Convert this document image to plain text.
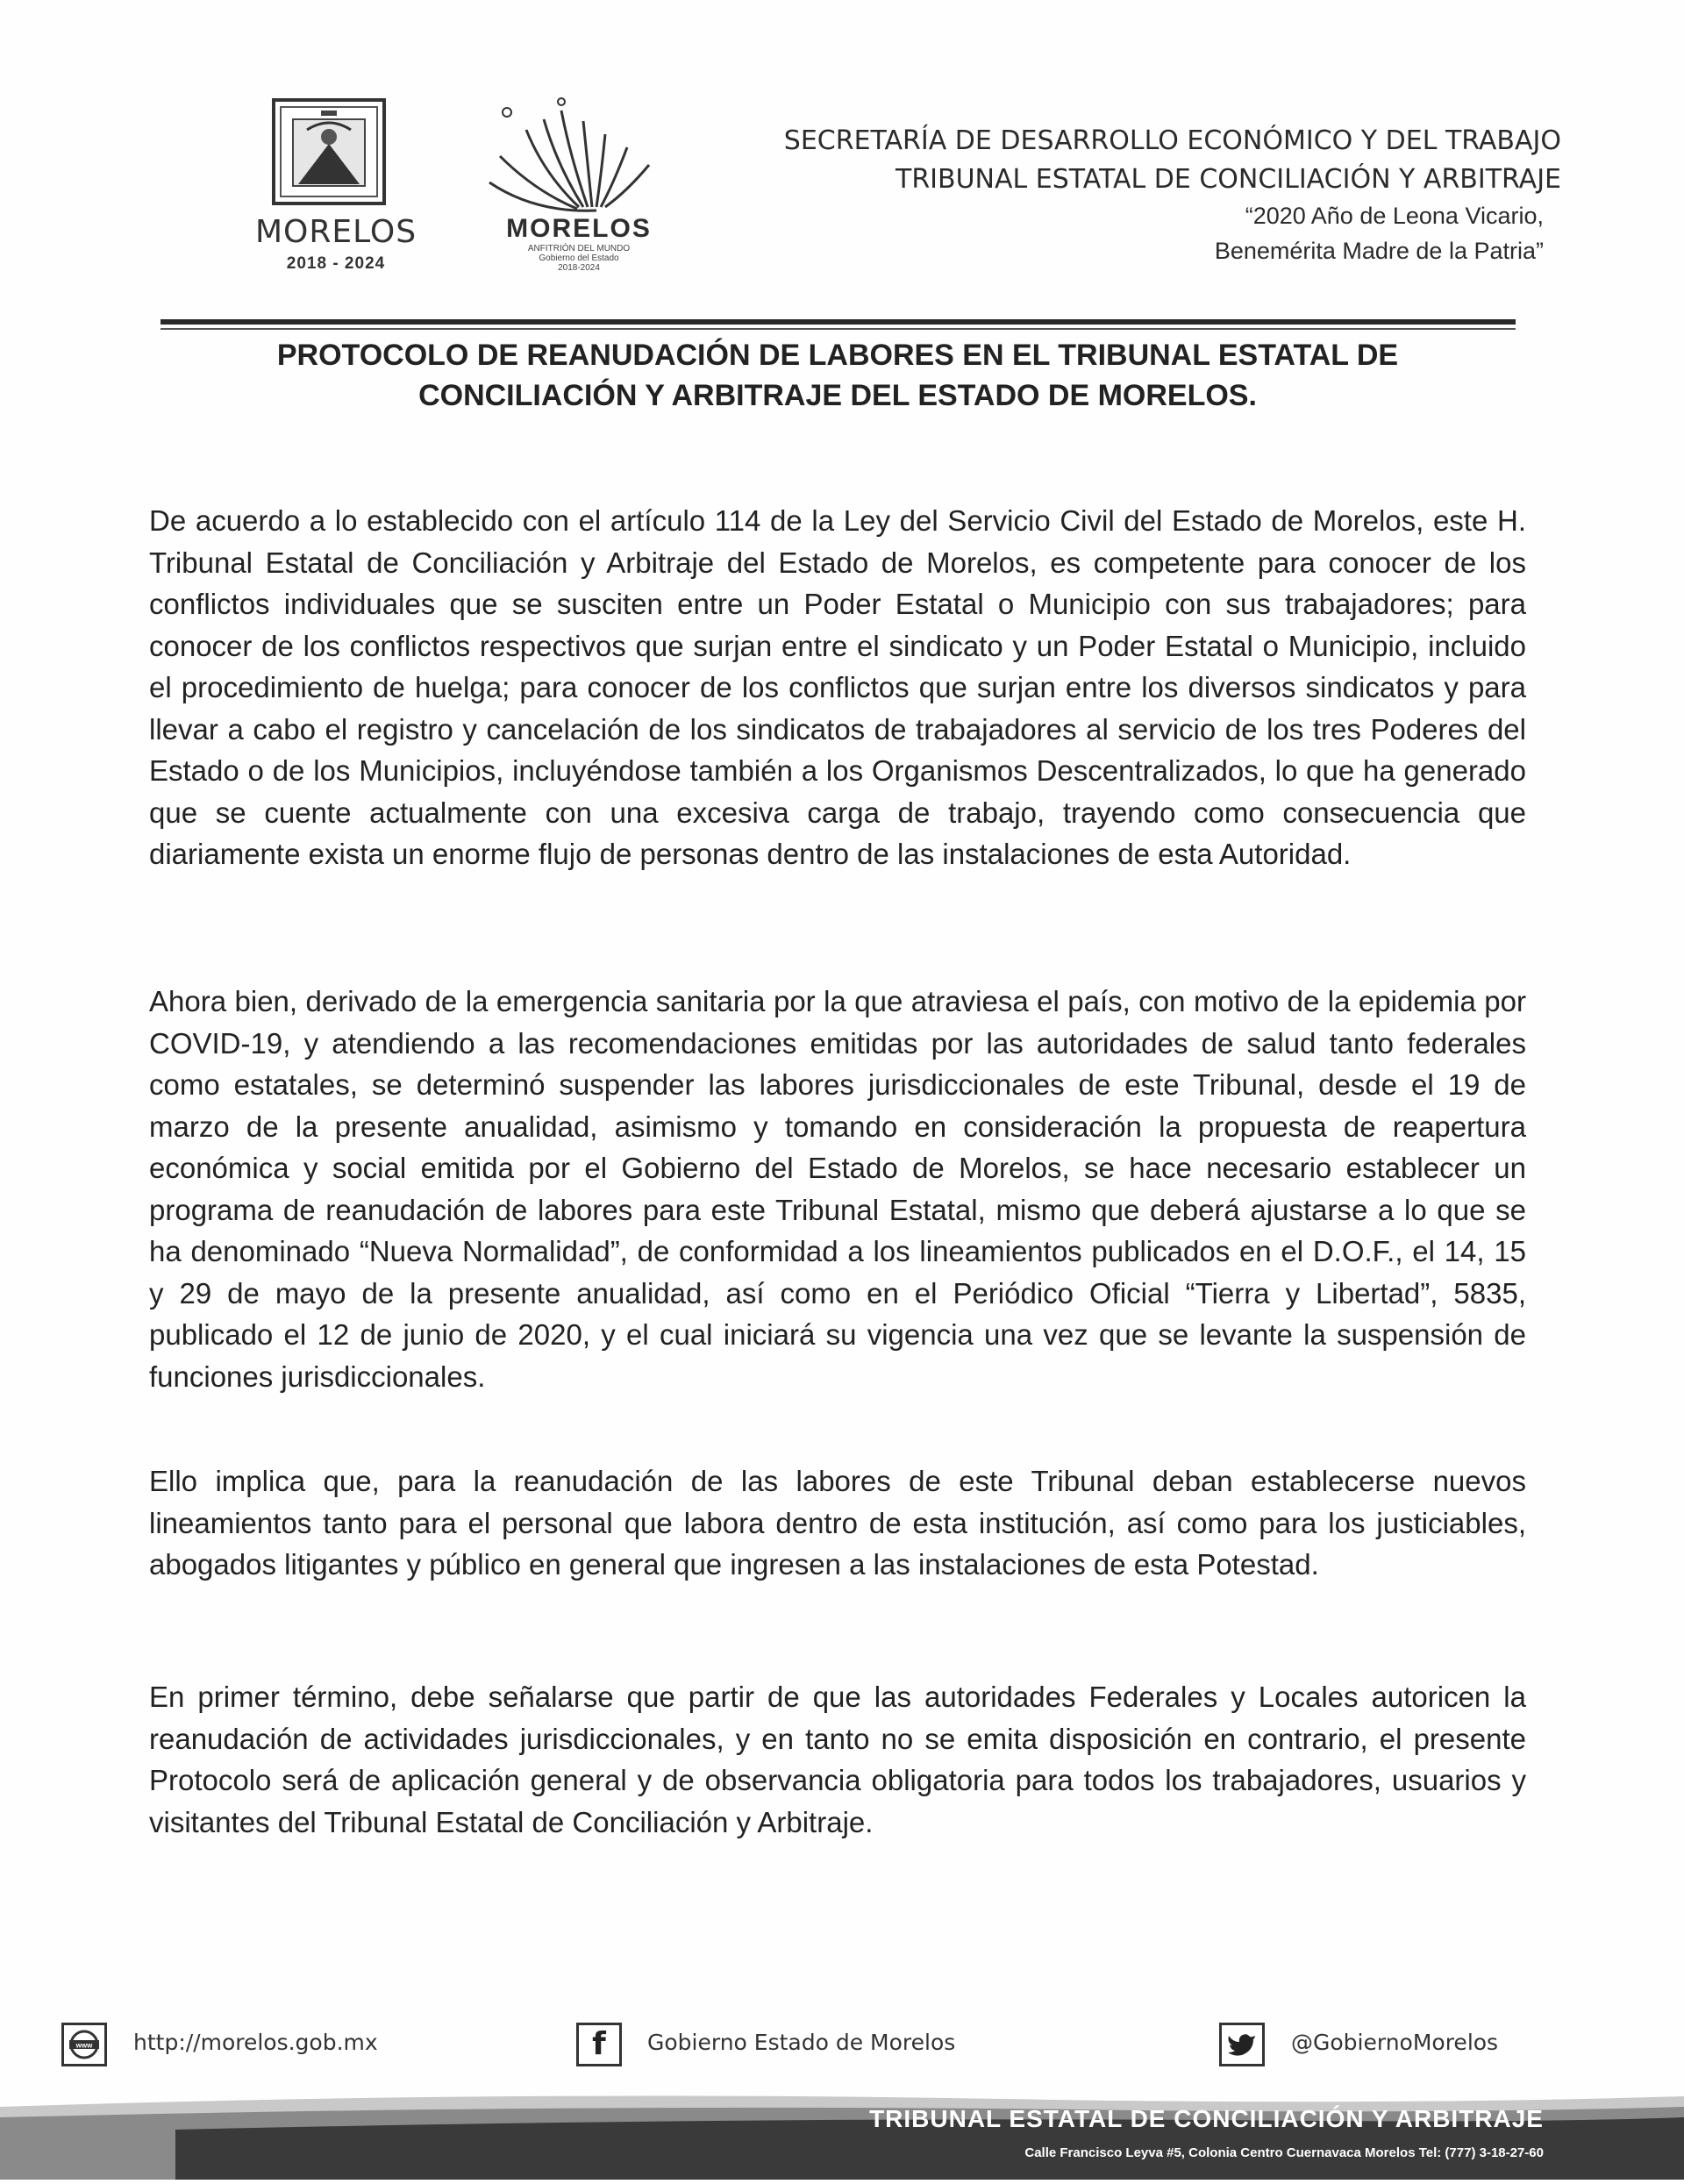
MORELOS
2018 - 2024
MORELOS
ANFITRIÓN DEL MUNDO
Gobierno del Estado
2018-2024
SECRETARÍA DE DESARROLLO ECONÓMICO Y DEL TRABAJO
TRIBUNAL ESTATAL DE CONCILIACIÓN Y ARBITRAJE
“2020 Año de Leona Vicario,
Benemérita Madre de la Patria”
PROTOCOLO DE REANUDACIÓN DE LABORES EN EL TRIBUNAL ESTATAL DE
CONCILIACIÓN Y ARBITRAJE DEL ESTADO DE MORELOS.

De acuerdo a lo establecido con el artículo 114 de la Ley del Servicio Civil del Estado de Morelos, este H. Tribunal Estatal de Conciliación y Arbitraje del Estado de Morelos, es competente para conocer de los conflictos individuales que se susciten entre un Poder Estatal o Municipio con sus trabajadores; para conocer de los conflictos respectivos que surjan entre el sindicato y un Poder Estatal o Municipio, incluido el procedimiento de huelga; para conocer de los conflictos que surjan entre los diversos sindicatos y para llevar a cabo el registro y cancelación de los sindicatos de trabajadores al servicio de los tres Poderes del Estado o de los Municipios, incluyéndose también a los Organismos Descentralizados, lo que ha generado que se cuente actualmente con una excesiva carga de trabajo, trayendo como consecuencia que diariamente exista un enorme flujo de personas dentro de las instalaciones de esta Autoridad.

Ahora bien, derivado de la emergencia sanitaria por la que atraviesa el país, con motivo de la epidemia por COVID-19, y atendiendo a las recomendaciones emitidas por las autoridades de salud tanto federales como estatales, se determinó suspender las labores jurisdiccionales de este Tribunal, desde el 19 de marzo de la presente anualidad, asimismo y tomando en consideración la propuesta de reapertura económica y social emitida por el Gobierno del Estado de Morelos, se hace necesario establecer un programa de reanudación de labores para este Tribunal Estatal, mismo que deberá ajustarse a lo que se ha denominado “Nueva Normalidad”, de conformidad a los lineamientos publicados en el D.O.F., el 14, 15 y 29 de mayo de la presente anualidad, así como en el Periódico Oficial “Tierra y Libertad”, 5835, publicado el 12 de junio de 2020, y el cual iniciará su vigencia una vez que se levante la suspensión de funciones jurisdiccionales.

Ello implica que, para la reanudación de las labores de este Tribunal deban establecerse nuevos lineamientos tanto para el personal que labora dentro de esta institución, así como para los justiciables, abogados litigantes y público en general que ingresen a las instalaciones de esta Potestad.

En primer término, debe señalarse que partir de que las autoridades Federales y Locales autoricen la reanudación de actividades jurisdiccionales, y en tanto no se emita disposición en contrario, el presente Protocolo será de aplicación general y de observancia obligatoria para todos los trabajadores, usuarios y visitantes del Tribunal Estatal de Conciliación y Arbitraje.

www http://morelos.gob.mx	f Gobierno Estado de Morelos	@GobiernoMorelos
TRIBUNAL ESTATAL DE CONCILIACIÓN Y ARBITRAJE
Calle Francisco Leyva #5, Colonia Centro Cuernavaca Morelos Tel: (777) 3-18-27-60
